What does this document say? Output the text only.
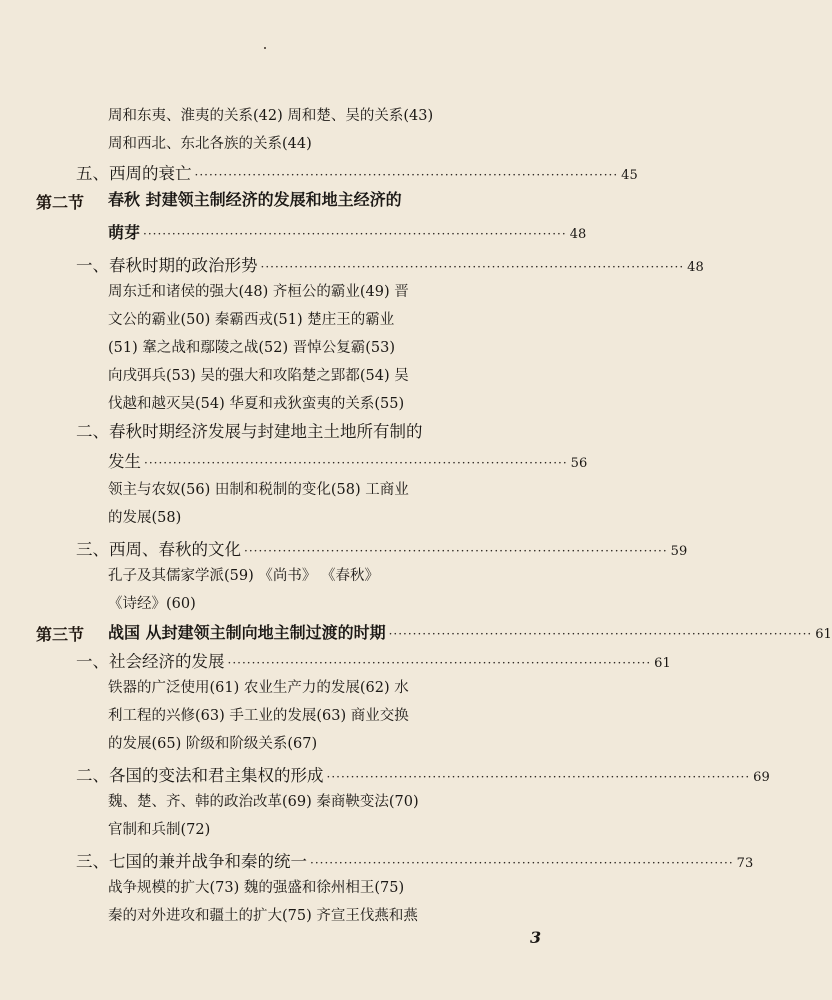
周和东夷、淮夷的关系(42) 周和楚、吴的关系(43)
周和西北、东北各族的关系(44)
五、西周的衰亡 ························································································ 45
第二节 春秋 封建领主制经济的发展和地主经济的
萌芽 ························································································ 48
一、春秋时期的政治形势 ························································································ 48
周东迁和诸侯的强大(48) 齐桓公的霸业(49) 晋
文公的霸业(50) 秦霸西戎(51) 楚庄王的霸业
(51) 鞌之战和鄢陵之战(52) 晋悼公复霸(53)
向戌弭兵(53) 吴的强大和攻陷楚之郢都(54) 吴
伐越和越灭吴(54) 华夏和戎狄蛮夷的关系(55)
二、春秋时期经济发展与封建地主土地所有制的
发生 ························································································ 56
领主与农奴(56) 田制和税制的变化(58) 工商业
的发展(58)
三、西周、春秋的文化 ························································································ 59
孔子及其儒家学派(59) 《尚书》 《春秋》
《诗经》(60)
第三节 战国 从封建领主制向地主制过渡的时期 ························································································ 61
一、社会经济的发展 ························································································ 61
铁器的广泛使用(61) 农业生产力的发展(62) 水
利工程的兴修(63) 手工业的发展(63) 商业交换
的发展(65) 阶级和阶级关系(67)
二、各国的变法和君主集权的形成 ························································································ 69
魏、楚、齐、韩的政治改革(69) 秦商鞅变法(70)
官制和兵制(72)
三、七国的兼并战争和秦的统一 ························································································ 73
战争规模的扩大(73) 魏的强盛和徐州相王(75)
秦的对外进攻和疆土的扩大(75) 齐宣王伐燕和燕
3
